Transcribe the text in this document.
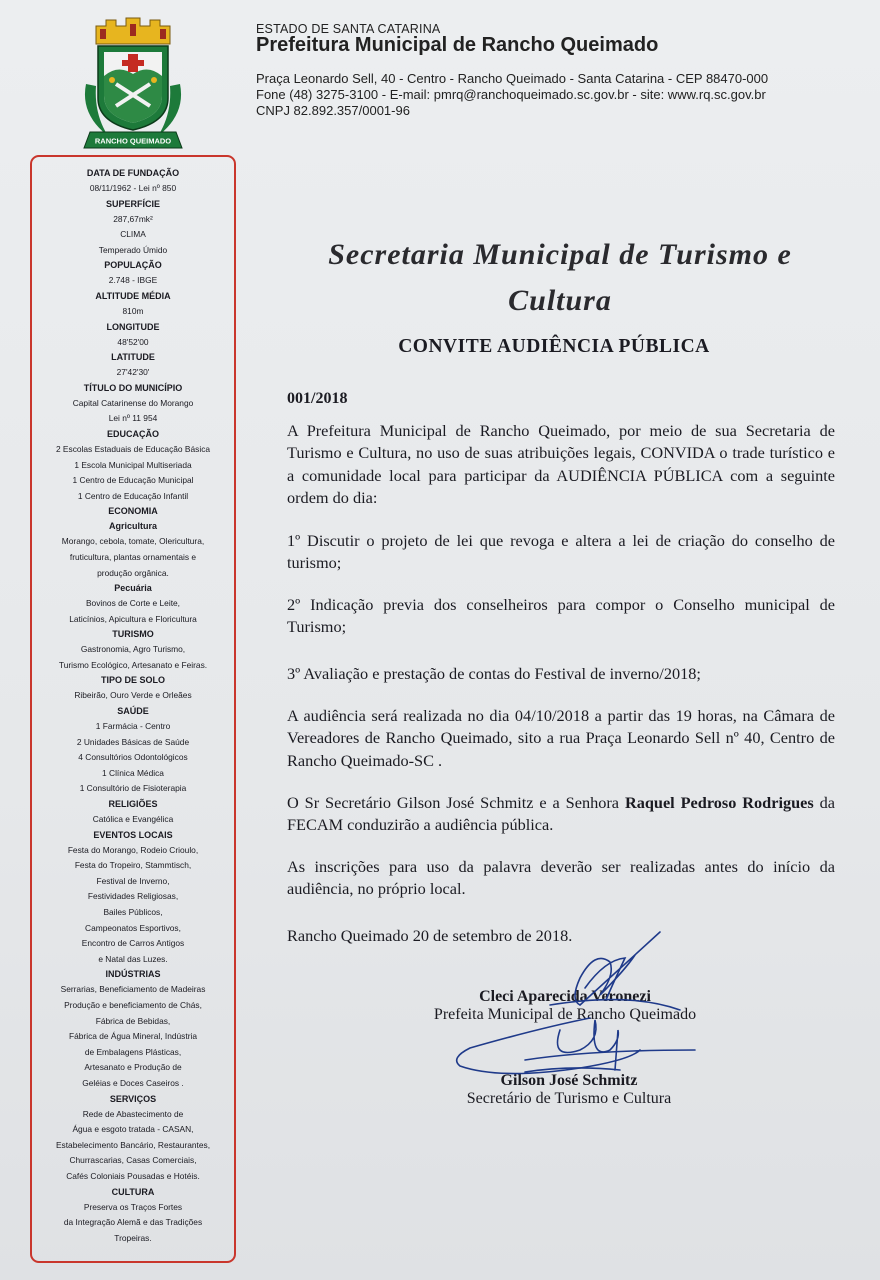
RANCHO QUEIMADO
ESTADO DE SANTA CATARINA
Prefeitura Municipal de Rancho Queimado
Praça Leonardo Sell, 40 - Centro - Rancho Queimado - Santa Catarina - CEP 88470-000
Fone (48) 3275-3100 - E-mail: pmrq@ranchoqueimado.sc.gov.br - site: www.rq.sc.gov.br
CNPJ 82.892.357/0001-96
DATA DE FUNDAÇÃO
08/11/1962 - Lei nº 850
SUPERFÍCIE
287,67mk²
CLIMA
Temperado Úmido
POPULAÇÃO
2.748 - IBGE
ALTITUDE MÉDIA
810m
LONGITUDE
48'52'00
LATITUDE
27'42'30'
TÍTULO DO MUNICÍPIO
Capital Catarinense do Morango
Lei nº 11 954
EDUCAÇÃO
2 Escolas Estaduais de Educação Básica
1 Escola Municipal Multiseriada
1 Centro de Educação Municipal
1 Centro de Educação Infantil
ECONOMIA
Agricultura
Morango, cebola, tomate, Olericultura,
fruticultura, plantas ornamentais e
produção orgânica.
Pecuária
Bovinos de Corte e Leite,
Laticínios, Apicultura e Floricultura
TURISMO
Gastronomia, Agro Turismo,
Turismo Ecológico, Artesanato e Feiras.
TIPO DE SOLO
Ribeirão, Ouro Verde e Orleães
SAÚDE
1 Farmácia - Centro
2 Unidades Básicas de Saúde
4 Consultórios Odontológicos
1 Clínica Médica
1 Consultório de Fisioterapia
RELIGIÕES
Católica e Evangélica
EVENTOS LOCAIS
Festa do Morango, Rodeio Crioulo,
Festa do Tropeiro, Stammtisch,
Festival de Inverno,
Festividades Religiosas,
Bailes Públicos,
Campeonatos Esportivos,
Encontro de Carros Antigos
e Natal das Luzes.
INDÚSTRIAS
Serrarias, Beneficiamento de Madeiras
Produção e beneficiamento de Chás,
Fábrica de Bebidas,
Fábrica de Água Mineral, Indústria
de Embalagens Plásticas,
Artesanato e Produção de
Geléias e Doces Caseiros .
SERVIÇOS
Rede de Abastecimento de
Água e esgoto tratada - CASAN,
Estabelecimento Bancário, Restaurantes,
Churrascarias, Casas Comerciais,
Cafés Coloniais Pousadas e Hotéis.
CULTURA
Preserva os Traços Fortes
da Integração Alemã e das Tradições
Tropeiras.
Secretaria Municipal de Turismo e
Cultura
CONVITE AUDIÊNCIA PÚBLICA
001/2018
A Prefeitura Municipal de Rancho Queimado, por meio de sua Secretaria de Turismo e Cultura, no uso de suas atribuições legais, CONVIDA o trade turístico e a comunidade local para participar da AUDIÊNCIA PÚBLICA com a seguinte ordem do dia:
1º Discutir o projeto de lei que revoga e altera a lei de criação do conselho de turismo;
2º Indicação previa dos conselheiros para compor o Conselho municipal de Turismo;
3º Avaliação e prestação de contas do Festival de inverno/2018;
A audiência será realizada no dia 04/10/2018 a partir das 19 horas, na Câmara de Vereadores de Rancho Queimado, sito a rua Praça Leonardo Sell nº 40, Centro de Rancho Queimado-SC .
O Sr Secretário Gilson José Schmitz e a Senhora Raquel Pedroso Rodrigues da FECAM conduzirão a audiência pública.
As inscrições para uso da palavra deverão ser realizadas antes do início da audiência, no próprio local.
Rancho Queimado 20 de setembro de 2018.
Cleci Aparecida Veronezi
Prefeita Municipal de Rancho Queimado
Gilson José Schmitz
Secretário de Turismo e Cultura
